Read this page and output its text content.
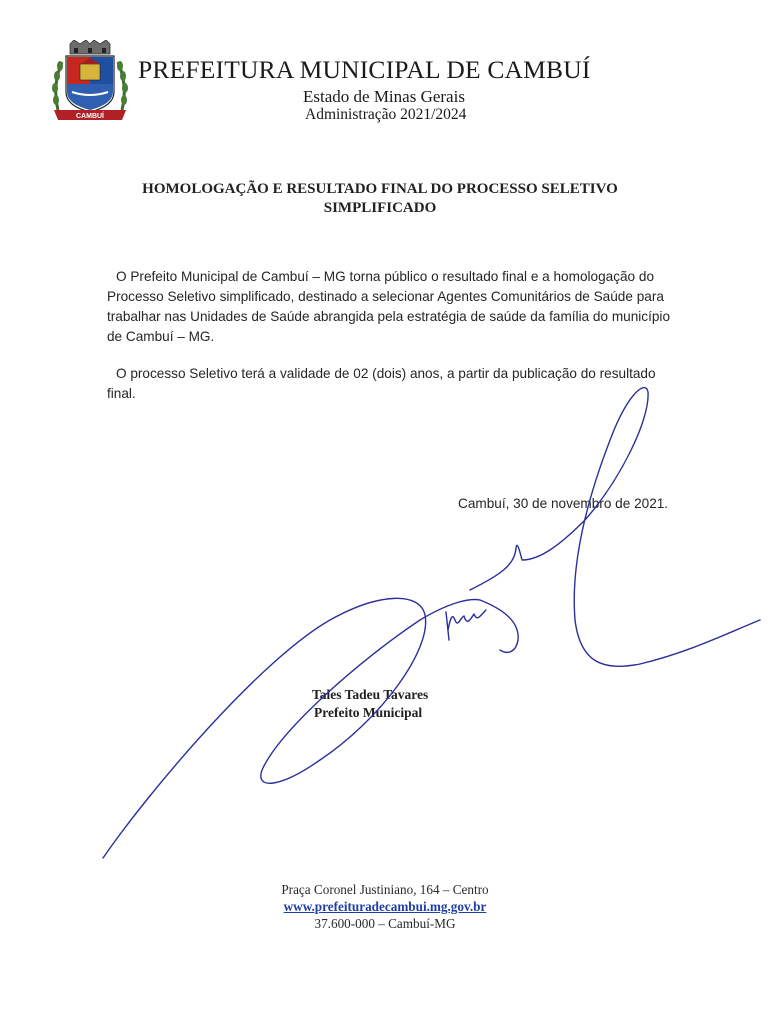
CAMBUÍ
PREFEITURA MUNICIPAL DE CAMBUÍ
Estado de Minas Gerais
Administração 2021/2024
HOMOLOGAÇÃO E RESULTADO FINAL DO PROCESSO SELETIVO
SIMPLIFICADO
O Prefeito Municipal de Cambuí – MG torna público o resultado final e a homologação do Processo Seletivo simplificado, destinado a selecionar Agentes Comunitários de Saúde para trabalhar nas Unidades de Saúde abrangida pela estratégia de saúde da família do município de Cambuí – MG.
O processo Seletivo terá a validade de 02 (dois) anos, a partir da publicação do resultado final.
Cambuí, 30 de novembro de 2021.
Tales Tadeu Tavares
Prefeito Municipal
Praça Coronel Justiniano, 164 – Centro
www.prefeituradecambui.mg.gov.br
37.600-000 – Cambuí-MG
